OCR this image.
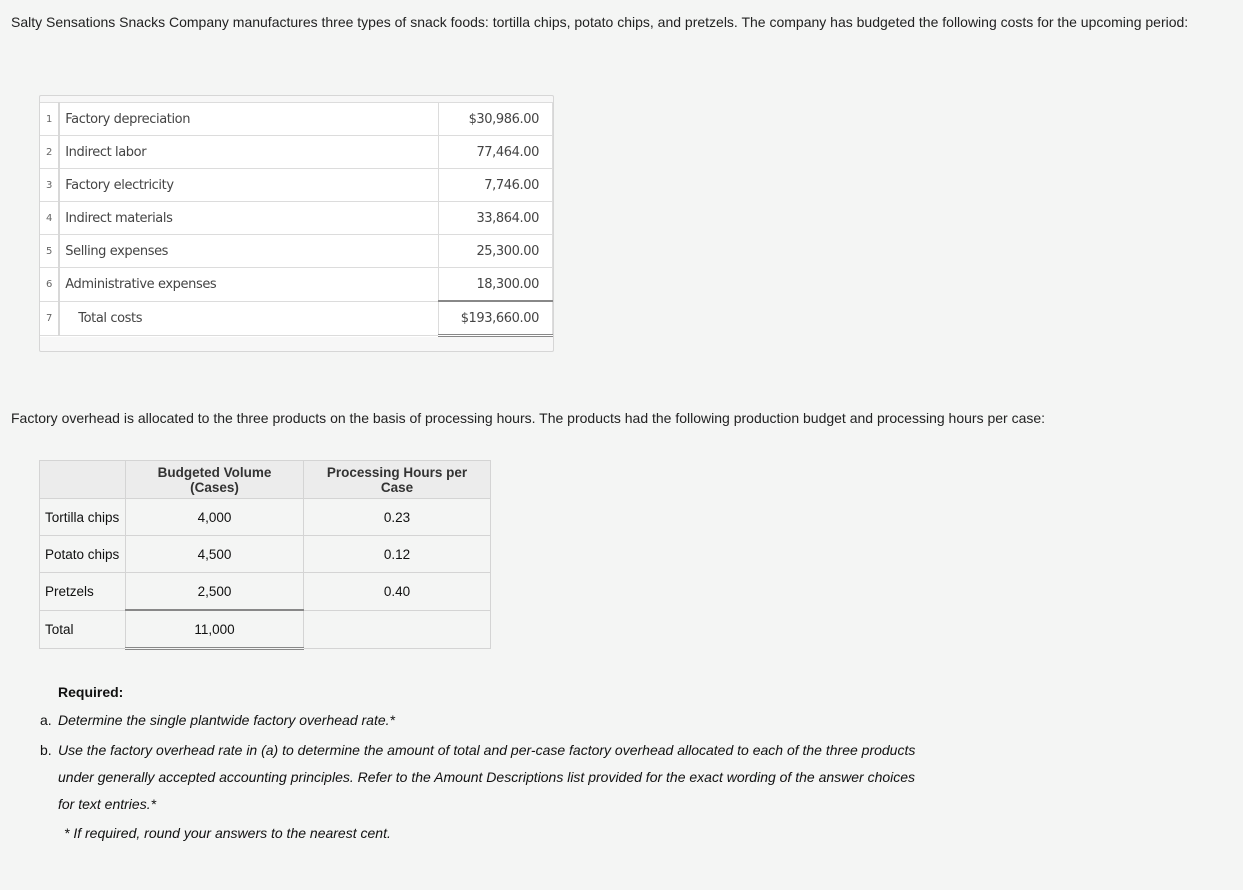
Salty Sensations Snacks Company manufactures three types of snack foods: tortilla chips, potato chips, and pretzels. The company has budgeted the following costs for the upcoming period:

1	Factory depreciation	$30,986.00
2	Indirect labor	77,464.00
3	Factory electricity	7,746.00
4	Indirect materials	33,864.00
5	Selling expenses	25,300.00
6	Administrative expenses	18,300.00
7	Total costs	$193,660.00

Factory overhead is allocated to the three products on the basis of processing hours. The products had the following production budget and processing hours per case:

	Budgeted Volume (Cases)	Processing Hours per Case
Tortilla chips	4,000	0.23
Potato chips	4,500	0.12
Pretzels	2,500	0.40
Total	11,000	

Required:

a. Determine the single plantwide factory overhead rate.*
b. Use the factory overhead rate in (a) to determine the amount of total and per-case factory overhead allocated to each of the three products under generally accepted accounting principles. Refer to the Amount Descriptions list provided for the exact wording of the answer choices for text entries.*
* If required, round your answers to the nearest cent.
